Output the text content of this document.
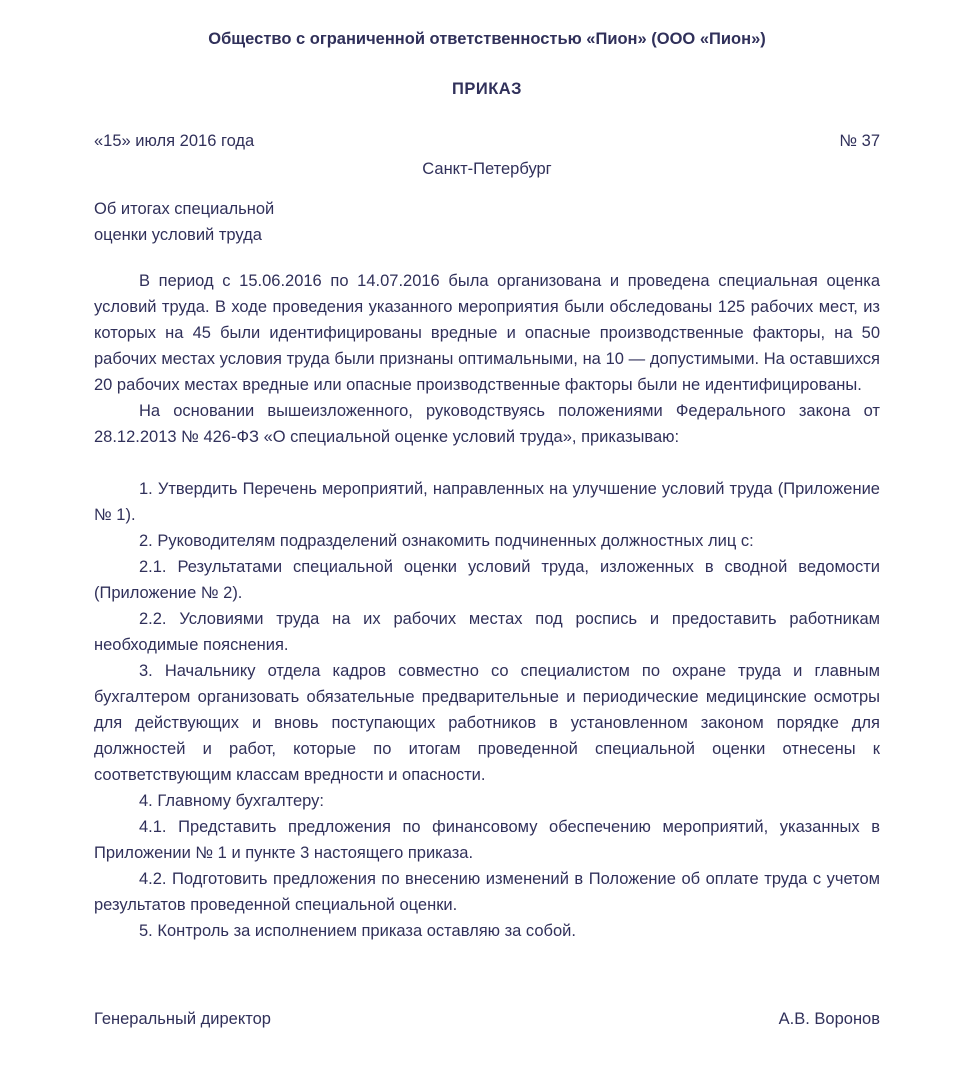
Общество с ограниченной ответственностью «Пион» (ООО «Пион»)
ПРИКАЗ
«15» июля 2016 года	№ 37
Санкт-Петербург
Об итогах специальной
оценки условий труда

В период с 15.06.2016 по 14.07.2016 была организована и проведена специальная оценка условий труда. В ходе проведения указанного мероприятия были обследованы 125 рабочих мест, из которых на 45 были идентифицированы вредные и опасные производственные факторы, на 50 рабочих местах условия труда были признаны оптимальными, на 10 — допустимыми. На оставшихся 20 рабочих местах вредные или опасные производственные факторы были не идентифицированы.

На основании вышеизложенного, руководствуясь положениями Федерального закона от 28.12.2013 № 426-ФЗ «О специальной оценке условий труда», приказываю:

1. Утвердить Перечень мероприятий, направленных на улучшение условий труда (Приложение № 1).

2. Руководителям подразделений ознакомить подчиненных должностных лиц с:

2.1. Результатами специальной оценки условий труда, изложенных в сводной ведомости (Приложение № 2).

2.2. Условиями труда на их рабочих местах под роспись и предоставить работникам необходимые пояснения.

3. Начальнику отдела кадров совместно со специалистом по охране труда и главным бухгалтером организовать обязательные предварительные и периодические медицинские осмотры для действующих и вновь поступающих работников в установленном законом порядке для должностей и работ, которые по итогам проведенной специальной оценки отнесены к соответствующим классам вредности и опасности.

4. Главному бухгалтеру:

4.1. Представить предложения по финансовому обеспечению мероприятий, указанных в Приложении № 1 и пункте 3 настоящего приказа.

4.2. Подготовить предложения по внесению изменений в Положение об оплате труда с учетом результатов проведенной специальной оценки.

5. Контроль за исполнением приказа оставляю за собой.

Генеральный директор	А.В. Воронов
